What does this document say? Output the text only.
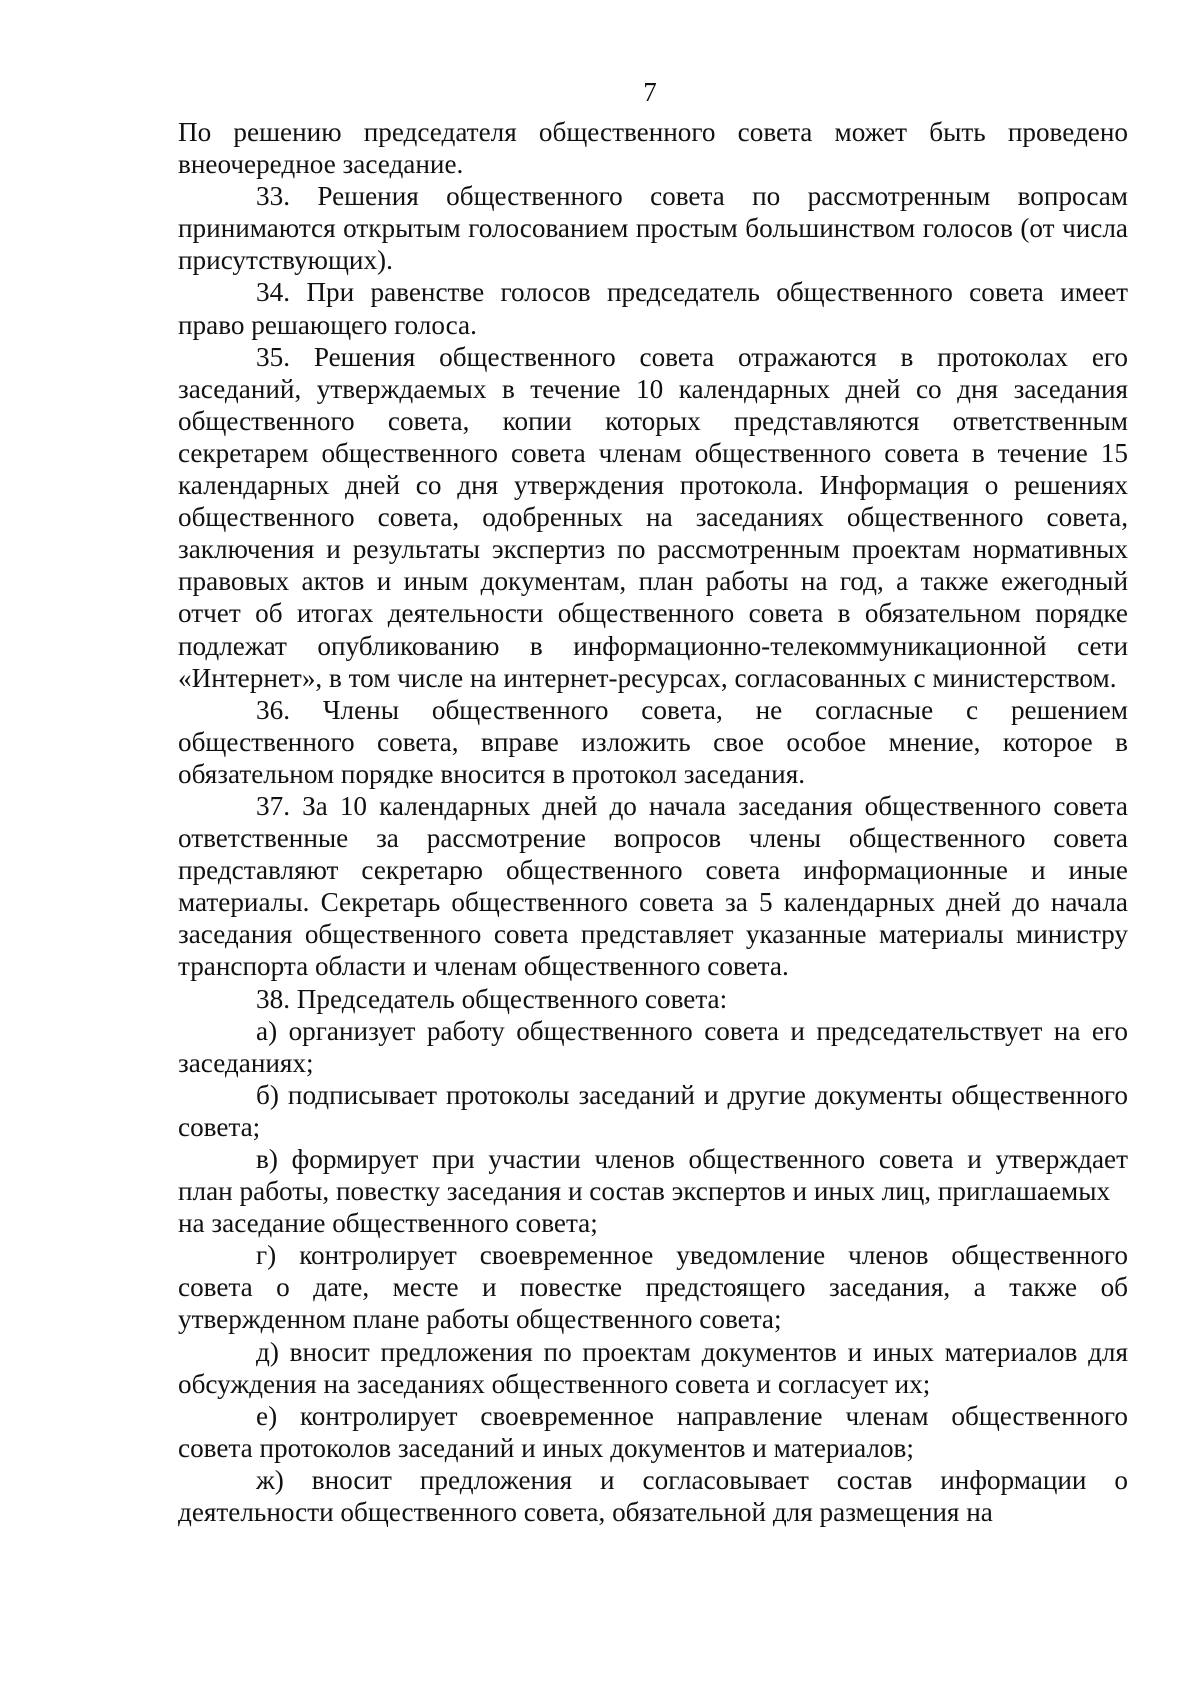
7

По решению председателя общественного совета может быть проведено внеочередное заседание.

33. Решения общественного совета по рассмотренным вопросам принимаются открытым голосованием простым большинством голосов (от числа присутствующих).

34. При равенстве голосов председатель общественного совета имеет право решающего голоса.

35. Решения общественного совета отражаются в протоколах его заседаний, утверждаемых в течение 10 календарных дней со дня заседания общественного совета, копии которых представляются ответственным секретарем общественного совета членам общественного совета в течение 15 календарных дней со дня утверждения протокола. Информация о решениях общественного совета, одобренных на заседаниях общественного совета, заключения и результаты экспертиз по рассмотренным проектам нормативных правовых актов и иным документам, план работы на год, а также ежегодный отчет об итогах деятельности общественного совета в обязательном порядке подлежат опубликованию в информационно-телекоммуникационной сети «Интернет», в том числе на интернет-ресурсах, согласованных с министерством.

36. Члены общественного совета, не согласные с решением общественного совета, вправе изложить свое особое мнение, которое в обязательном порядке вносится в протокол заседания.

37. За 10 календарных дней до начала заседания общественного совета ответственные за рассмотрение вопросов члены общественного совета представляют секретарю общественного совета информационные и иные материалы. Секретарь общественного совета за 5 календарных дней до начала заседания общественного совета представляет указанные материалы министру транспорта области и членам общественного совета.

38. Председатель общественного совета:

а) организует работу общественного совета и председательствует на его заседаниях;

б) подписывает протоколы заседаний и другие документы общественного совета;

в) формирует при участии членов общественного совета и утверждает план работы, повестку заседания и состав экспертов и иных лиц, приглашаемых

на заседание общественного совета;

г) контролирует своевременное уведомление членов общественного совета о дате, месте и повестке предстоящего заседания, а также об утвержденном плане работы общественного совета;

д) вносит предложения по проектам документов и иных материалов для обсуждения на заседаниях общественного совета и согласует их;

е) контролирует своевременное направление членам общественного совета протоколов заседаний и иных документов и материалов;

ж) вносит предложения и согласовывает состав информации о деятельности общественного совета, обязательной для размещения на
